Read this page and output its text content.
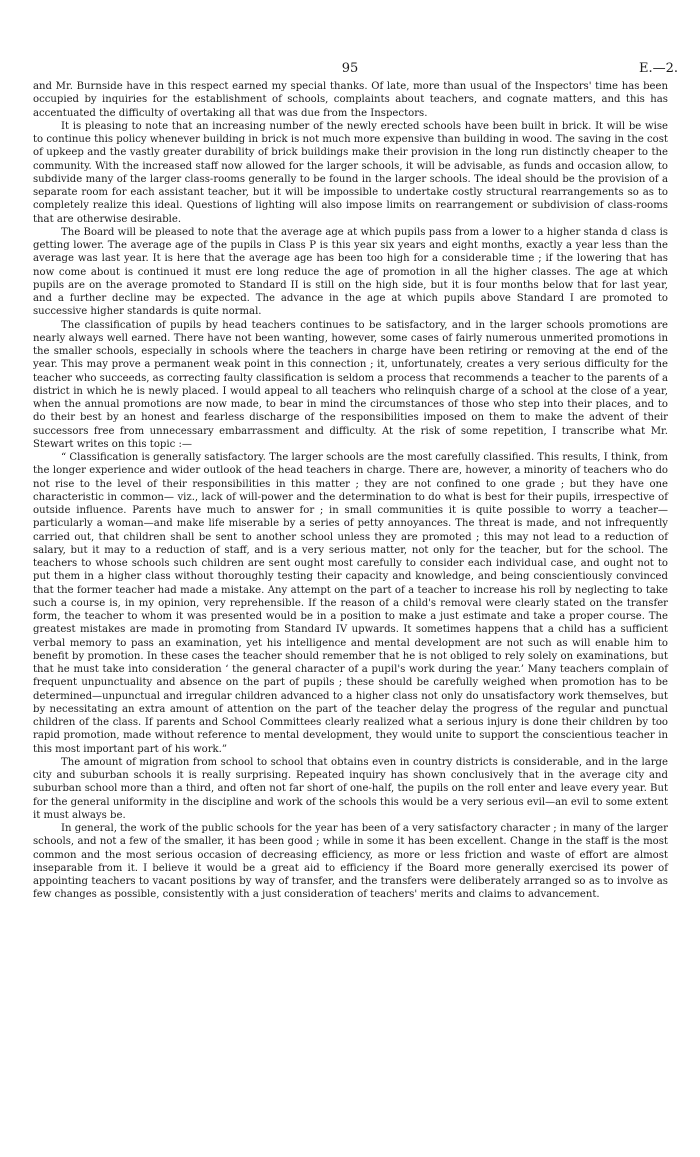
95	E.—2.

and Mr. Burnside have in this respect earned my special thanks. Of late, more than usual of the Inspectors' time has been occupied by inquiries for the establishment of schools, complaints about teachers, and cognate matters, and this has accentuated the difficulty of overtaking all that was due from the Inspectors.

It is pleasing to note that an increasing number of the newly erected schools have been built in brick. It will be wise to continue this policy whenever building in brick is not much more expensive than building in wood. The saving in the cost of upkeep and the vastly greater durability of brick buildings make their provision in the long run distinctly cheaper to the community. With the increased staff now allowed for the larger schools, it will be advisable, as funds and occasion allow, to subdivide many of the larger class-rooms generally to be found in the larger schools. The ideal should be the provision of a separate room for each assistant teacher, but it will be impossible to undertake costly structural rearrangements so as to completely realize this ideal. Questions of lighting will also impose limits on rearrangement or subdivision of class-rooms that are otherwise desirable.

The Board will be pleased to note that the average age at which pupils pass from a lower to a higher standa d class is getting lower. The average age of the pupils in Class P is this year six years and eight months, exactly a year less than the average was last year. It is here that the average age has been too high for a considerable time ; if the lowering that has now come about is continued it must ere long reduce the age of promotion in all the higher classes. The age at which pupils are on the average promoted to Standard II is still on the high side, but it is four months below that for last year, and a further decline may be expected. The advance in the age at which pupils above Standard I are promoted to successive higher standards is quite normal.

The classification of pupils by head teachers continues to be satisfactory, and in the larger schools promotions are nearly always well earned. There have not been wanting, however, some cases of fairly numerous unmerited promotions in the smaller schools, especially in schools where the teachers in charge have been retiring or removing at the end of the year. This may prove a permanent weak point in this connection ; it, unfortunately, creates a very serious difficulty for the teacher who succeeds, as correcting faulty classification is seldom a process that recommends a teacher to the parents of a district in which he is newly placed. I would appeal to all teachers who relinquish charge of a school at the close of a year, when the annual promotions are now made, to bear in mind the circumstances of those who step into their places, and to do their best by an honest and fearless discharge of the responsibilities imposed on them to make the advent of their successors free from unnecessary embarrassment and difficulty. At the risk of some repetition, I transcribe what Mr. Stewart writes on this topic :—

“ Classification is generally satisfactory. The larger schools are the most carefully classified. This results, I think, from the longer experience and wider outlook of the head teachers in charge. There are, however, a minority of teachers who do not rise to the level of their responsibilities in this matter ; they are not confined to one grade ; but they have one characteristic in common— viz., lack of will-power and the determination to do what is best for their pupils, irrespective of outside influence. Parents have much to answer for ; in small communities it is quite possible to worry a teacher—particularly a woman—and make life miserable by a series of petty annoyances. The threat is made, and not infrequently carried out, that children shall be sent to another school unless they are promoted ; this may not lead to a reduction of salary, but it may to a reduction of staff, and is a very serious matter, not only for the teacher, but for the school. The teachers to whose schools such children are sent ought most carefully to consider each individual case, and ought not to put them in a higher class without thoroughly testing their capacity and knowledge, and being conscientiously convinced that the former teacher had made a mistake. Any attempt on the part of a teacher to increase his roll by neglecting to take such a course is, in my opinion, very reprehensible. If the reason of a child's removal were clearly stated on the transfer form, the teacher to whom it was presented would be in a position to make a just estimate and take a proper course. The greatest mistakes are made in promoting from Standard IV upwards. It sometimes happens that a child has a sufficient verbal memory to pass an examination, yet his intelligence and mental development are not such as will enable him to benefit by promotion. In these cases the teacher should remember that he is not obliged to rely solely on examinations, but that he must take into consideration ‘ the general character of a pupil's work during the year.’ Many teachers complain of frequent unpunctuality and absence on the part of pupils ; these should be carefully weighed when promotion has to be determined—unpunctual and irregular children advanced to a higher class not only do unsatisfactory work themselves, but by necessitating an extra amount of attention on the part of the teacher delay the progress of the regular and punctual children of the class. If parents and School Committees clearly realized what a serious injury is done their children by too rapid promotion, made without reference to mental development, they would unite to support the conscientious teacher in this most important part of his work.”

The amount of migration from school to school that obtains even in country districts is considerable, and in the large city and suburban schools it is really surprising. Repeated inquiry has shown conclusively that in the average city and suburban school more than a third, and often not far short of one-half, the pupils on the roll enter and leave every year. But for the general uniformity in the discipline and work of the schools this would be a very serious evil—an evil to some extent it must always be.

In general, the work of the public schools for the year has been of a very satisfactory character ; in many of the larger schools, and not a few of the smaller, it has been good ; while in some it has been excellent. Change in the staff is the most common and the most serious occasion of decreasing efficiency, as more or less friction and waste of effort are almost inseparable from it. I believe it would be a great aid to efficiency if the Board more generally exercised its power of appointing teachers to vacant positions by way of transfer, and the transfers were deliberately arranged so as to involve as few changes as possible, consistently with a just consideration of teachers' merits and claims to advancement.
